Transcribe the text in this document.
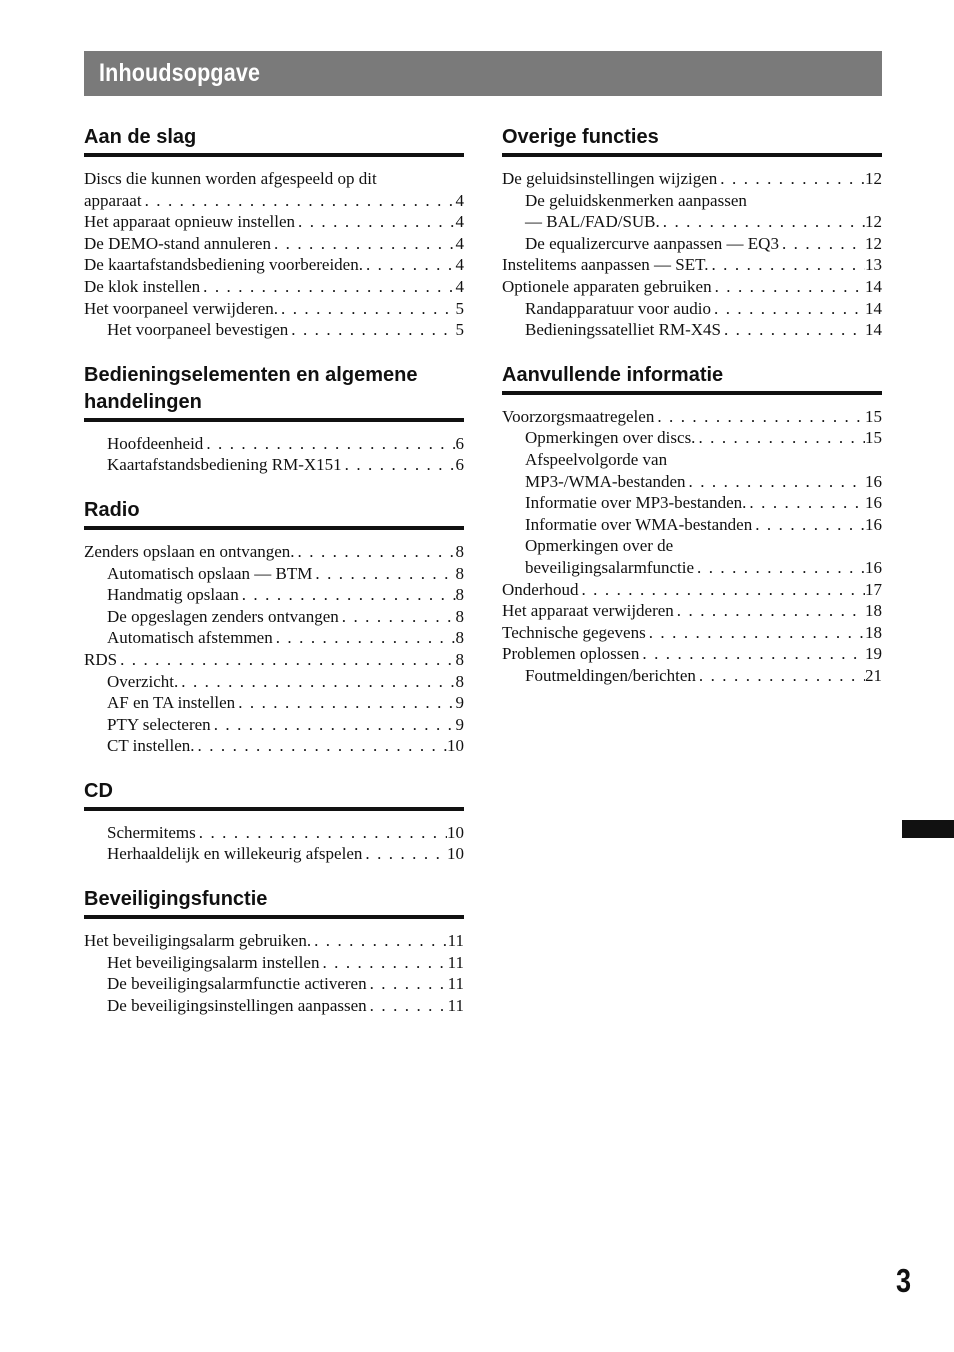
Inhoudsopgave
Aan de slag
Discs die kunnen worden afgespeeld op dit
apparaat . . .	4
Het apparaat opnieuw instellen . . .	4
De DEMO-stand annuleren . . .	4
De kaartafstandsbediening voorbereiden. . . .	4
De klok instellen . . .	4
Het voorpaneel verwijderen. . . .	5
Het voorpaneel bevestigen . . .	5
Bedieningselementen en algemene handelingen
Hoofdeenheid . . .	6
Kaartafstandsbediening RM-X151 . . .	6
Radio
Zenders opslaan en ontvangen. . . .	8
Automatisch opslaan — BTM . . .	8
Handmatig opslaan . . .	8
De opgeslagen zenders ontvangen . . .	8
Automatisch afstemmen . . .	8
RDS . . .	8
Overzicht. . . .	8
AF en TA instellen . . .	9
PTY selecteren . . .	9
CT instellen. . . .	10
CD
Schermitems . . .	10
Herhaaldelijk en willekeurig afspelen . . .	10
Beveiligingsfunctie
Het beveiligingsalarm gebruiken. . . .	11
Het beveiligingsalarm instellen . . .	11
De beveiligingsalarmfunctie activeren . . .	11
De beveiligingsinstellingen aanpassen . . .	11
Overige functies
De geluidsinstellingen wijzigen . . .	12
De geluidskenmerken aanpassen
— BAL/FAD/SUB. . . .	12
De equalizercurve aanpassen — EQ3 . . .	12
Instelitems aanpassen — SET. . . .	13
Optionele apparaten gebruiken . . .	14
Randapparatuur voor audio . . .	14
Bedieningssatelliet RM-X4S . . .	14
Aanvullende informatie
Voorzorgsmaatregelen . . .	15
Opmerkingen over discs. . . .	15
Afspeelvolgorde van
MP3-/WMA-bestanden . . .	16
Informatie over MP3-bestanden. . . .	16
Informatie over WMA-bestanden . . .	16
Opmerkingen over de
beveiligingsalarmfunctie . . .	16
Onderhoud . . .	17
Het apparaat verwijderen . . .	18
Technische gegevens . . .	18
Problemen oplossen . . .	19
Foutmeldingen/berichten . . .	21
3
